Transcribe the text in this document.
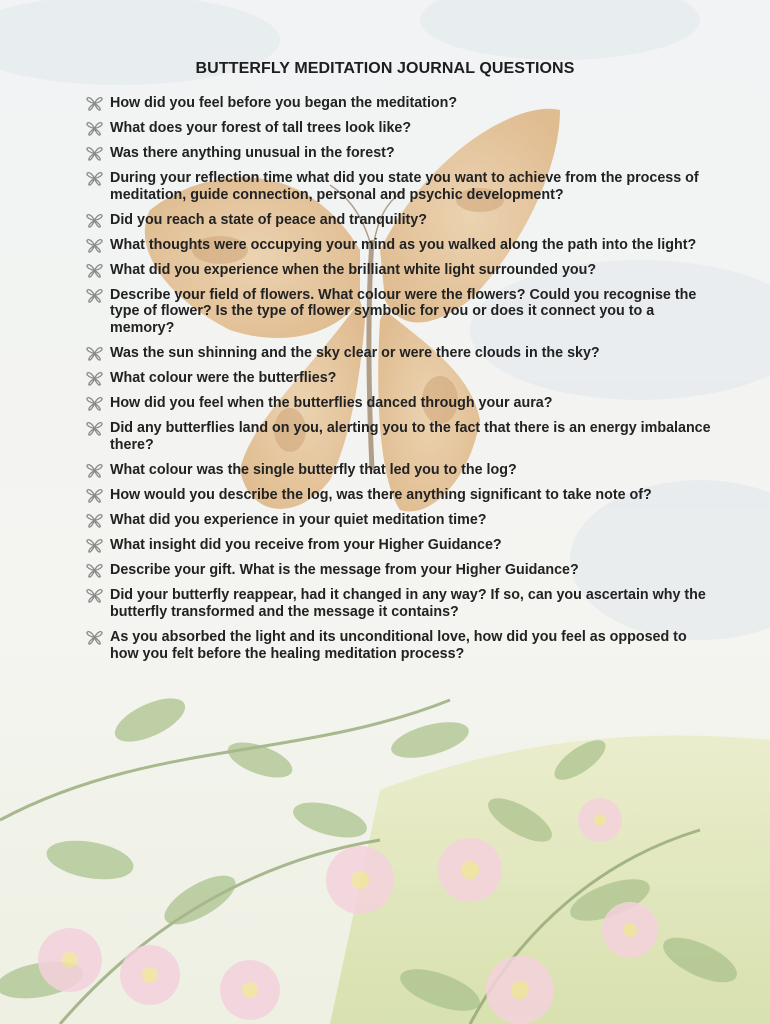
BUTTERFLY MEDITATION JOURNAL QUESTIONS
How did you feel before you began the meditation?
What does your forest of tall trees look like?
Was there anything unusual in the forest?
During your reflection time what did you state you want to achieve from the process of meditation, guide connection, personal and psychic development?
Did you reach a state of peace and tranquility?
What thoughts were occupying your mind as you walked along the path into the light?
What did you experience when the brilliant white light surrounded you?
Describe your field of flowers. What colour were the flowers? Could you recognise the type of flower? Is the type of flower symbolic for you or does it connect you to a memory?
Was the sun shinning and the sky clear or were there clouds in the sky?
What colour were the butterflies?
How did you feel when the butterflies danced through your aura?
Did any butterflies land on you, alerting you to the fact that there is an energy imbalance there?
What colour was the single butterfly that led you to the log?
How would you describe the log, was there anything significant to take note of?
What did you experience in your quiet meditation time?
What insight did you receive from your Higher Guidance?
Describe your gift. What is the message from your Higher Guidance?
Did your butterfly reappear, had it changed in any way? If so, can you ascertain why the butterfly transformed and the message it contains?
As you absorbed the light and its unconditional love, how did you feel as opposed to how you felt before the healing meditation process?
